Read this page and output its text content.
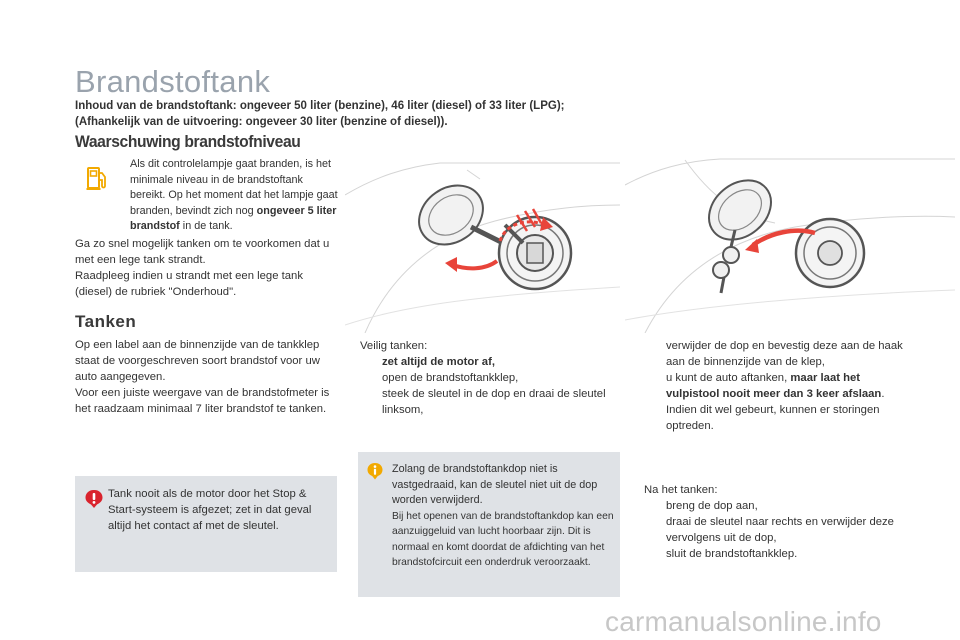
Brandstoftank
Inhoud van de brandstoftank: ongeveer 50 liter (benzine), 46 liter (diesel) of 33 liter (LPG);
(Afhankelijk van de uitvoering: ongeveer 30 liter (benzine of diesel)).
Waarschuwing brandstofniveau
Als dit controlelampje gaat branden, is het minimale niveau in de brandstoftank bereikt. Op het moment dat het lampje gaat branden, bevindt zich nog ongeveer 5 liter brandstof in de tank.
Ga zo snel mogelijk tanken om te voorkomen dat u met een lege tank strandt.
Raadpleeg indien u strandt met een lege tank (diesel) de rubriek "Onderhoud".
Tanken
Op een label aan de binnenzijde van de tankklep staat de voorgeschreven soort brandstof voor uw auto aangegeven.
Voor een juiste weergave van de brandstofmeter is het raadzaam minimaal 7 liter brandstof te tanken.
Tank nooit als de motor door het Stop & Start-systeem is afgezet; zet in dat geval altijd het contact af met de sleutel.
Zolang de brandstoftankdop niet is vastgedraaid, kan de sleutel niet uit de dop worden verwijderd.
Bij het openen van de brandstoftankdop kan een aanzuiggeluid van lucht hoorbaar zijn. Dit is normaal en komt doordat de afdichting van het brandstofcircuit een onderdruk veroorzaakt.
Veilig tanken:
zet altijd de motor af,
open de brandstoftankklep,
steek de sleutel in de dop en draai de sleutel linksom,
verwijder de dop en bevestig deze aan de haak aan de binnenzijde van de klep,
u kunt de auto aftanken, maar laat het vulpistool nooit meer dan 3 keer afslaan. Indien dit wel gebeurt, kunnen er storingen optreden.
Na het tanken:
breng de dop aan,
draai de sleutel naar rechts en verwijder deze vervolgens uit de dop,
sluit de brandstoftankklep.
carmanualsonline.info
